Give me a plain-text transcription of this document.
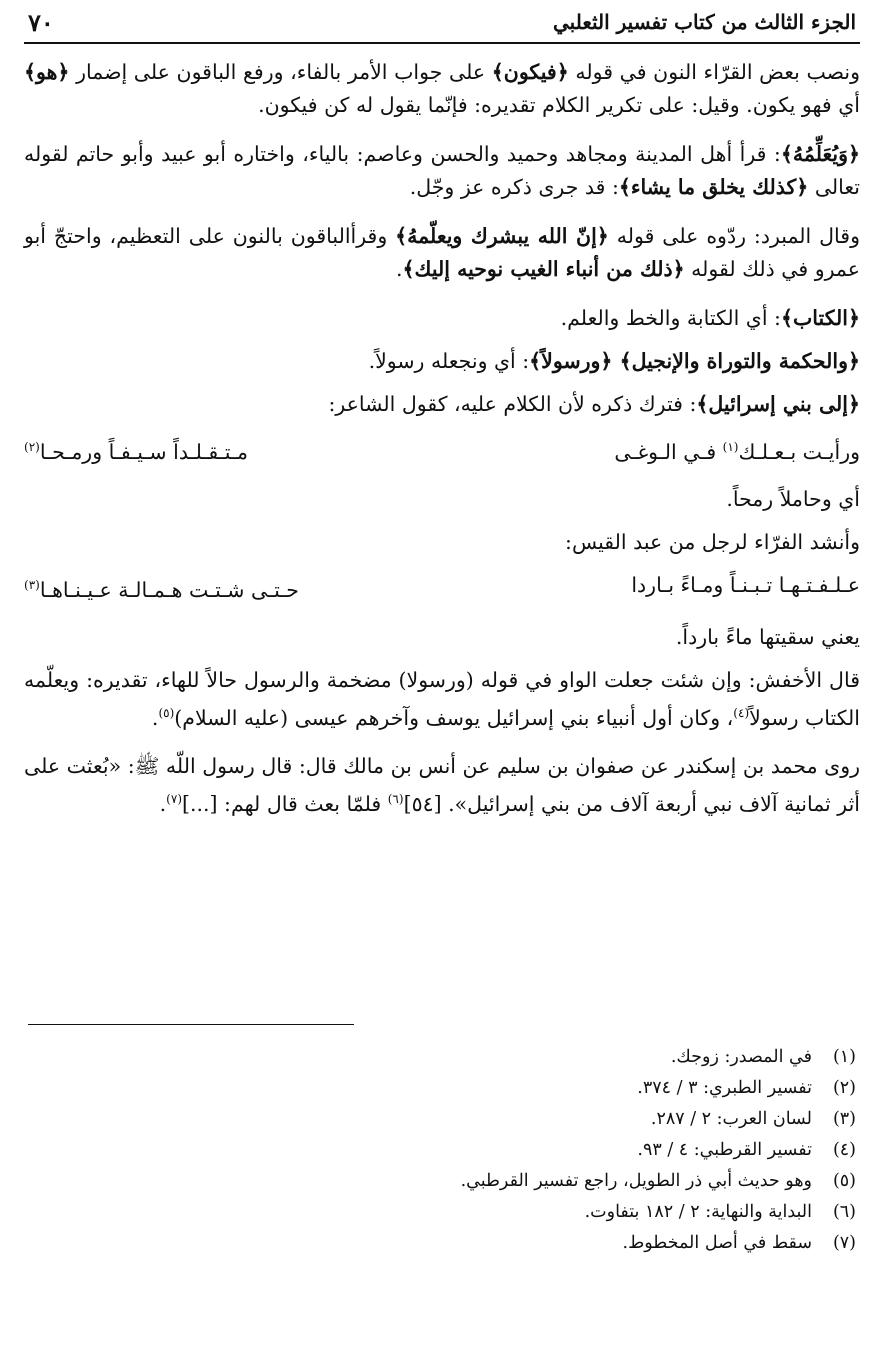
الجزء الثالث من كتاب تفسير الثعلبي
٧٠

ونصب بعض القرّاء النون في قوله ﴿فيكون﴾ على جواب الأمر بالفاء، ورفع الباقون على إضمار ﴿هو﴾ أي فهو يكون. وقيل: على تكرير الكلام تقديره: فإنّما يقول له كن فيكون.

﴿وَيُعَلِّمُهُ﴾: قرأ أهل المدينة ومجاهد وحميد والحسن وعاصم: بالياء، واختاره أبو عبيد وأبو حاتم لقوله تعالى ﴿كذلك يخلق ما يشاء﴾: قد جرى ذكره عز وجّل.

وقال المبرد: ردّوه على قوله ﴿إنّ الله يبشرك ويعلّمهُ﴾ وقرأالباقون بالنون على التعظيم، واحتجّ أبو عمرو في ذلك لقوله ﴿ذلك من أنباء الغيب نوحيه إليك﴾.

﴿الكتاب﴾: أي الكتابة والخط والعلم.

﴿والحكمة والتوراة والإنجيل﴾ ﴿ورسولاً﴾: أي ونجعله رسولاً.

﴿إلى بني إسرائيل﴾: فترك ذكره لأن الكلام عليه، كقول الشاعر:

ورأيـت بـعـلـك$^{(١)}$ فـي الـوغـى
مـتـقـلـداً سـيـفـاً ورمـحـا$^{(٢)}$

أي وحاملاً رمحاً.

وأنشد الفرّاء لرجل من عبد القيس:

عـلـفـتـهـا تـبـنـاً ومـاءً بـاردا
حـتـى شـتـت هـمـالـة عـيـنـاهـا$^{(٣)}$

يعني سقيتها ماءً بارداً.

قال الأخفش: وإن شئت جعلت الواو في قوله (ورسولا) مضخمة والرسول حالاً للهاء، تقديره: ويعلّمه الكتاب رسولاً$^{(٤)}$، وكان أول أنبياء بني إسرائيل يوسف وآخرهم عيسى (عليه السلام)$^{(٥)}$.

روى محمد بن إسكندر عن صفوان بن سليم عن أنس بن مالك قال: قال رسول اللّه ﷺ: «بُعثت على أثر ثمانية آلاف نبي أربعة آلاف من بني إسرائيل». [٥٤]$^{(٦)}$ فلمّا بعث قال لهم: [...]$^{(٧)}$.

(١)
في المصدر: زوجك.
(٢)
تفسير الطبري: ٣ / ٣٧٤.
(٣)
لسان العرب: ٢ / ٢٨٧.
(٤)
تفسير القرطبي: ٤ / ٩٣.
(٥)
وهو حديث أبي ذر الطويل، راجع تفسير القرطبي.
(٦)
البداية والنهاية: ٢ / ١٨٢ بتفاوت.
(٧)
سقط في أصل المخطوط.
